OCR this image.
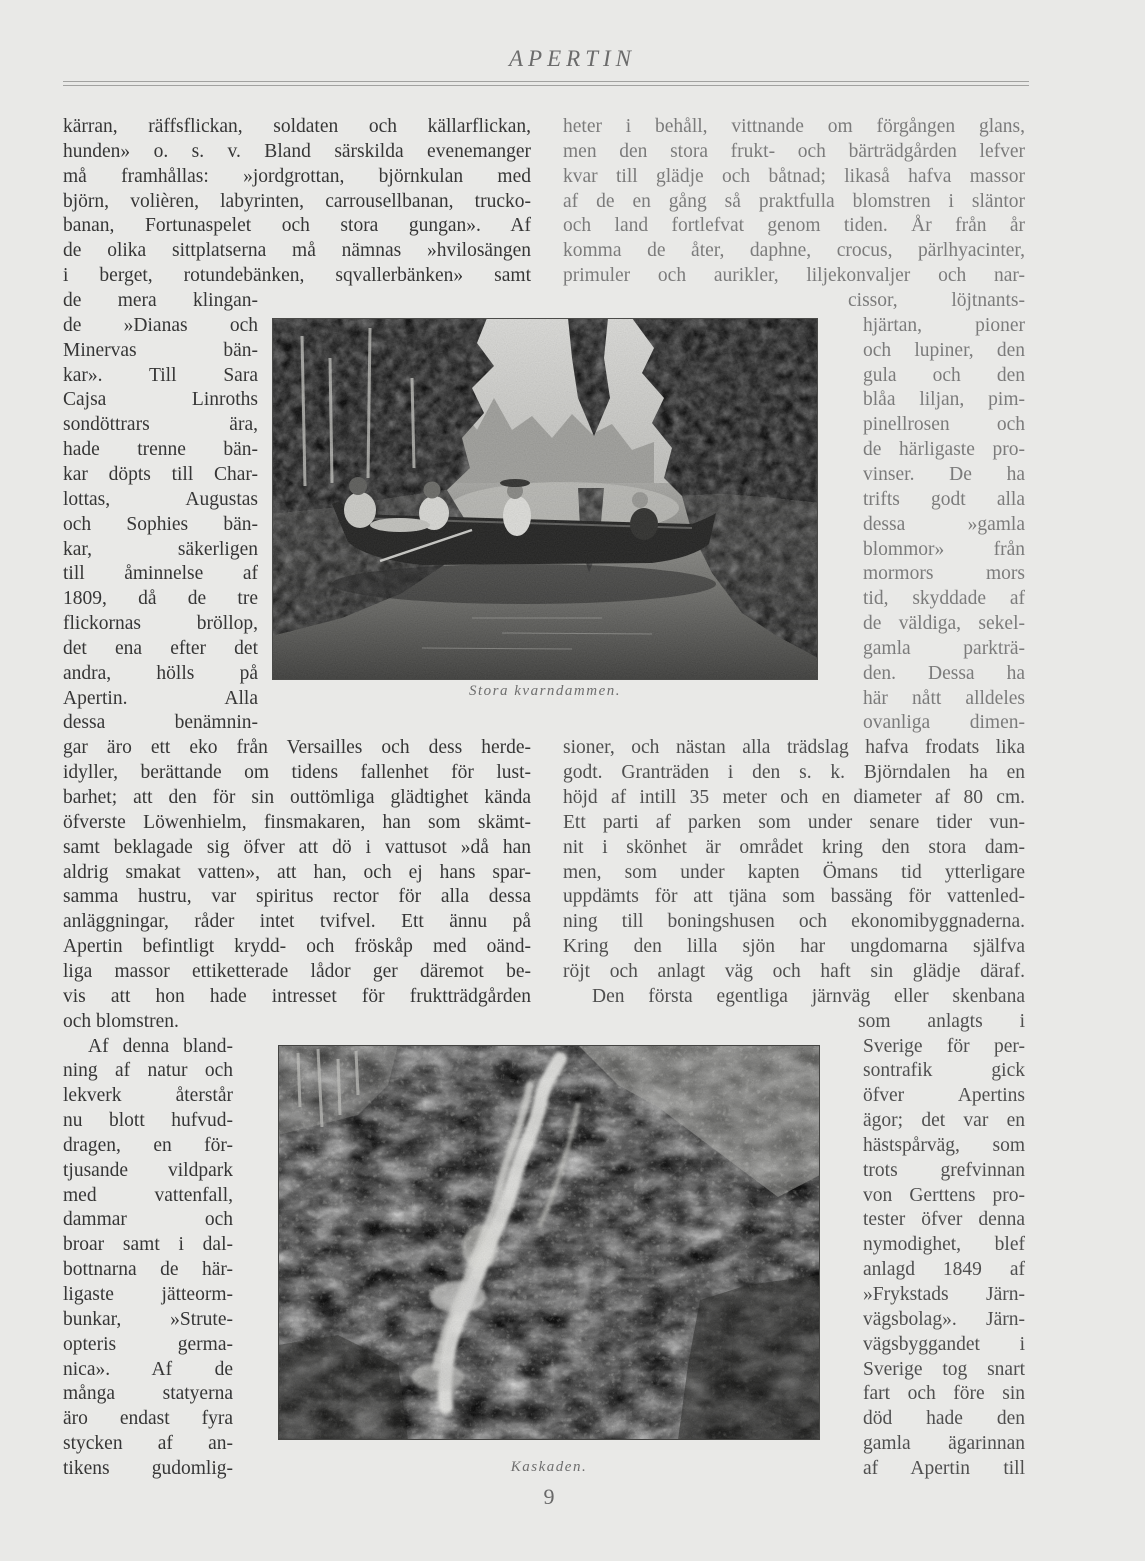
APERTIN
kärran, räffsflickan, soldaten och källarflickan,
hunden» o. s. v. Bland särskilda evenemanger
må framhållas: »jordgrottan, björnkulan med
björn, volièren, labyrinten, carrousellbanan, trucko-
banan, Fortunaspelet och stora gungan». Af
de olika sittplatserna må nämnas »hvilosängen
i berget, rotundebänken, sqvallerbänken» samt
de mera klingan-
de »Dianas och
Minervas bän-
kar». Till Sara
Cajsa Linroths
sondöttrars ära,
hade trenne bän-
kar döpts till Char-
lottas, Augustas
och Sophies bän-
kar, säkerligen
till åminnelse af
1809, då de tre
flickornas bröllop,
det ena efter det
andra, hölls på
Apertin. Alla
dessa benämnin-
gar äro ett eko från Versailles och dess herde-
idyller, berättande om tidens fallenhet för lust-
barhet; att den för sin outtömliga glädtighet kända
öfverste Löwenhielm, finsmakaren, han som skämt-
samt beklagade sig öfver att dö i vattusot »då han
aldrig smakat vatten», att han, och ej hans spar-
samma hustru, var spiritus rector för alla dessa
anläggningar, råder intet tvifvel. Ett ännu på
Apertin befintligt krydd- och fröskåp med oänd-
liga massor ettiketterade lådor ger däremot be-
vis att hon hade intresset för fruktträdgården
och blomstren.
Af denna bland-
ning af natur och
lekverk återstår
nu blott hufvud-
dragen, en för-
tjusande vildpark
med vattenfall,
dammar och
broar samt i dal-
bottnarna de här-
ligaste jätteorm-
bunkar, »Strute-
opteris germa-
nica». Af de
många statyerna
äro endast fyra
stycken af an-
tikens gudomlig-
heter i behåll, vittnande om förgången glans,
men den stora frukt- och bärträdgården lefver
kvar till glädje och båtnad; likaså hafva massor
af de en gång så praktfulla blomstren i släntor
och land fortlefvat genom tiden. År från år
komma de åter, daphne, crocus, pärlhyacinter,
primuler och aurikler, liljekonvaljer och nar-
cissor, löjtnants-
hjärtan, pioner
och lupiner, den
gula och den
blåa liljan, pim-
pinellrosen och
de härligaste pro-
vinser. De ha
trifts godt alla
dessa »gamla
blommor» från
mormors mors
tid, skyddade af
de väldiga, sekel-
gamla parkträ-
den. Dessa ha
här nått alldeles
ovanliga dimen-
sioner, och nästan alla trädslag hafva frodats lika
godt. Granträden i den s. k. Björndalen ha en
höjd af intill 35 meter och en diameter af 80 cm.
Ett parti af parken som under senare tider vun-
nit i skönhet är området kring den stora dam-
men, som under kapten Ömans tid ytterligare
uppdämts för att tjäna som bassäng för vattenled-
ning till boningshusen och ekonomibyggnaderna.
Kring den lilla sjön har ungdomarna själfva
röjt och anlagt väg och haft sin glädje däraf.
Den första egentliga järnväg eller skenbana
som anlagts i
Sverige för per-
sontrafik gick
öfver Apertins
ägor; det var en
hästspårväg, som
trots grefvinnan
von Gerttens pro-
tester öfver denna
nymodighet, blef
anlagd 1849 af
»Frykstads Järn-
vägsbolag». Järn-
vägsbyggandet i
Sverige tog snart
fart och före sin
död hade den
gamla ägarinnan
af Apertin till
Stora kvarndammen.
Kaskaden.
9
